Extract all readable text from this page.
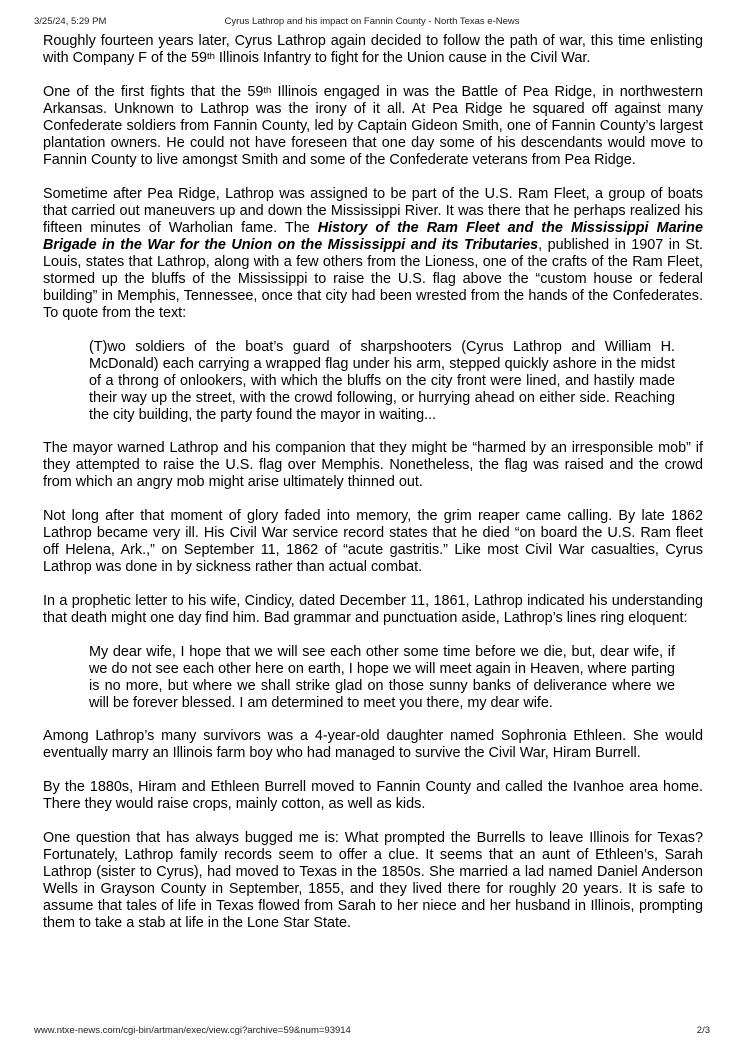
3/25/24, 5:29 PM	Cyrus Lathrop and his impact on Fannin County - North Texas e-News

Roughly fourteen years later, Cyrus Lathrop again decided to follow the path of war, this time enlisting with Company F of the 59th Illinois Infantry to fight for the Union cause in the Civil War.

One of the first fights that the 59th Illinois engaged in was the Battle of Pea Ridge, in northwestern Arkansas. Unknown to Lathrop was the irony of it all. At Pea Ridge he squared off against many Confederate soldiers from Fannin County, led by Captain Gideon Smith, one of Fannin County’s largest plantation owners. He could not have foreseen that one day some of his descendants would move to Fannin County to live amongst Smith and some of the Confederate veterans from Pea Ridge.

Sometime after Pea Ridge, Lathrop was assigned to be part of the U.S. Ram Fleet, a group of boats that carried out maneuvers up and down the Mississippi River. It was there that he perhaps realized his fifteen minutes of Warholian fame. The History of the Ram Fleet and the Mississippi Marine Brigade in the War for the Union on the Mississippi and its Tributaries, published in 1907 in St. Louis, states that Lathrop, along with a few others from the Lioness, one of the crafts of the Ram Fleet, stormed up the bluffs of the Mississippi to raise the U.S. flag above the “custom house or federal building” in Memphis, Tennessee, once that city had been wrested from the hands of the Confederates. To quote from the text:

(T)wo soldiers of the boat’s guard of sharpshooters (Cyrus Lathrop and William H. McDonald) each carrying a wrapped flag under his arm, stepped quickly ashore in the midst of a throng of onlookers, with which the bluffs on the city front were lined, and hastily made their way up the street, with the crowd following, or hurrying ahead on either side. Reaching the city building, the party found the mayor in waiting...

The mayor warned Lathrop and his companion that they might be “harmed by an irresponsible mob” if they attempted to raise the U.S. flag over Memphis. Nonetheless, the flag was raised and the crowd from which an angry mob might arise ultimately thinned out.

Not long after that moment of glory faded into memory, the grim reaper came calling. By late 1862 Lathrop became very ill. His Civil War service record states that he died “on board the U.S. Ram fleet off Helena, Ark.,” on September 11, 1862 of “acute gastritis.” Like most Civil War casualties, Cyrus Lathrop was done in by sickness rather than actual combat.

In a prophetic letter to his wife, Cindicy, dated December 11, 1861, Lathrop indicated his understanding that death might one day find him. Bad grammar and punctuation aside, Lathrop’s lines ring eloquent:

My dear wife, I hope that we will see each other some time before we die, but, dear wife, if we do not see each other here on earth, I hope we will meet again in Heaven, where parting is no more, but where we shall strike glad on those sunny banks of deliverance where we will be forever blessed. I am determined to meet you there, my dear wife.

Among Lathrop’s many survivors was a 4-year-old daughter named Sophronia Ethleen. She would eventually marry an Illinois farm boy who had managed to survive the Civil War, Hiram Burrell.

By the 1880s, Hiram and Ethleen Burrell moved to Fannin County and called the Ivanhoe area home. There they would raise crops, mainly cotton, as well as kids.

One question that has always bugged me is: What prompted the Burrells to leave Illinois for Texas? Fortunately, Lathrop family records seem to offer a clue. It seems that an aunt of Ethleen’s, Sarah Lathrop (sister to Cyrus), had moved to Texas in the 1850s. She married a lad named Daniel Anderson Wells in Grayson County in September, 1855, and they lived there for roughly 20 years. It is safe to assume that tales of life in Texas flowed from Sarah to her niece and her husband in Illinois, prompting them to take a stab at life in the Lone Star State.

www.ntxe-news.com/cgi-bin/artman/exec/view.cgi?archive=59&num=93914	2/3
